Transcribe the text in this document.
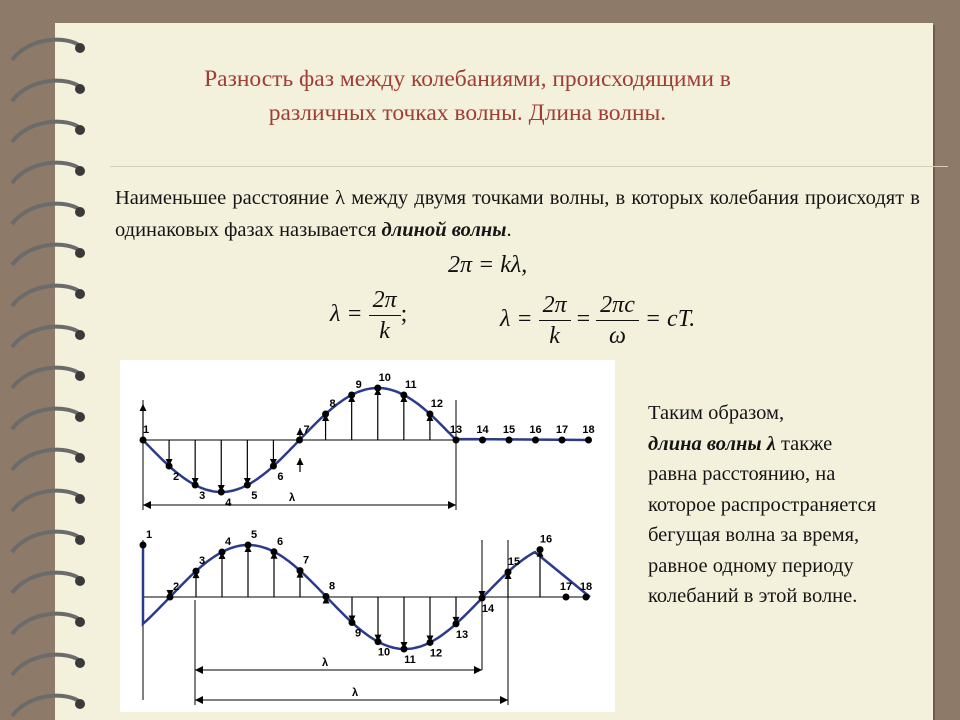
Разность фаз между колебаниями, происходящими в
различных точках волны. Длина волны.
Наименьшее расстояние λ между двумя точками волны, в которых колебания происходят в одинаковых фазах называется длиной волны.
2π = kλ,
$\lambda = \frac{2\pi}{k}$ ;	$\lambda = \frac{2\pi}{k} = \frac{2\pi c}{\omega}$ = cT.
1
2
3
4
5
6
7
8
9
10
11
12
13 14 15 16 17 18
λ
1
2
3
4
5
6
7
8
9
10
11
12
13
14
15
16
17 18
λ
λ
Таким образом,
длина волны λ также
равна расстоянию, на которое распространяется бегущая волна за время, равное одному периоду колебаний в этой волне.
